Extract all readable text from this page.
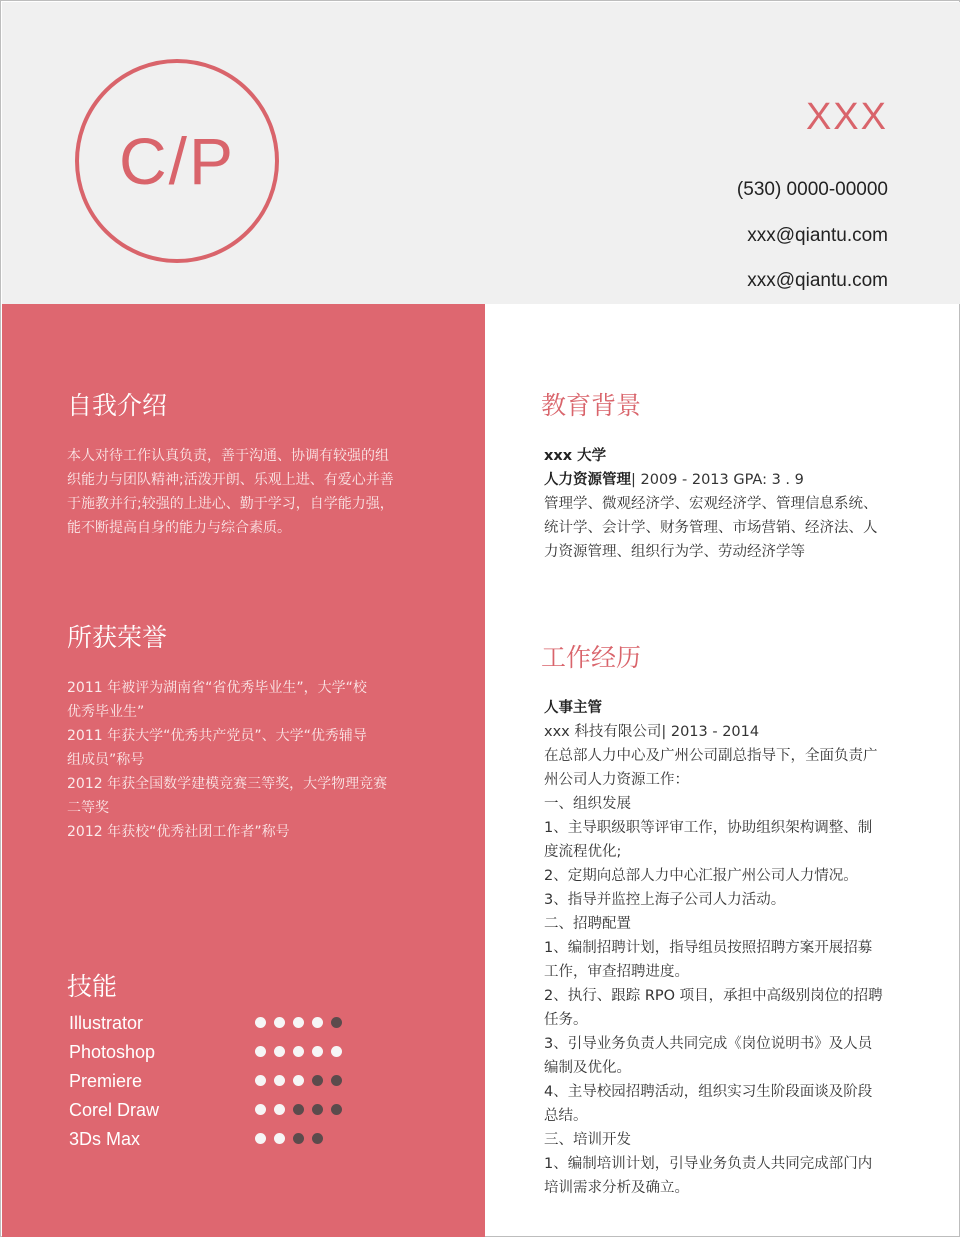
C/P
XXX
(530) 0000-00000
xxx@qiantu.com
xxx@qiantu.com
自我介绍
本人对待工作认真负责，善于沟通、协调有较强的组
织能力与团队精神;活泼开朗、乐观上进、有爱心并善
于施教并行;较强的上进心、勤于学习，自学能力强，
能不断提高自身的能力与综合素质。
所获荣誉
2011 年被评为湖南省“省优秀毕业生”，大学“校
优秀毕业生”
2011 年获大学“优秀共产党员”、大学“优秀辅导
组成员”称号
2012 年获全国数学建模竞赛三等奖，大学物理竞赛
二等奖
2012 年获校“优秀社团工作者”称号
技能
Illustrator
Photoshop
Premiere
Corel Draw
3Ds Max
教育背景
xxx 大学
人力资源管理| 2009 - 2013 GPA: 3 . 9
管理学、微观经济学、宏观经济学、管理信息系统、
统计学、会计学、财务管理、市场营销、经济法、人
力资源管理、组织行为学、劳动经济学等
工作经历
人事主管
xxx 科技有限公司| 2013 - 2014
在总部人力中心及广州公司副总指导下，全面负责广
州公司人力资源工作：
一、组织发展
1、主导职级职等评审工作，协助组织架构调整、制
度流程优化;
2、定期向总部人力中心汇报广州公司人力情况。
3、指导并监控上海子公司人力活动。
二、招聘配置
1、编制招聘计划，指导组员按照招聘方案开展招募
工作，审查招聘进度。
2、执行、跟踪 RPO 项目，承担中高级别岗位的招聘
任务。
3、引导业务负责人共同完成《岗位说明书》及人员
编制及优化。
4、主导校园招聘活动，组织实习生阶段面谈及阶段
总结。
三、培训开发
1、编制培训计划，引导业务负责人共同完成部门内
培训需求分析及确立。
